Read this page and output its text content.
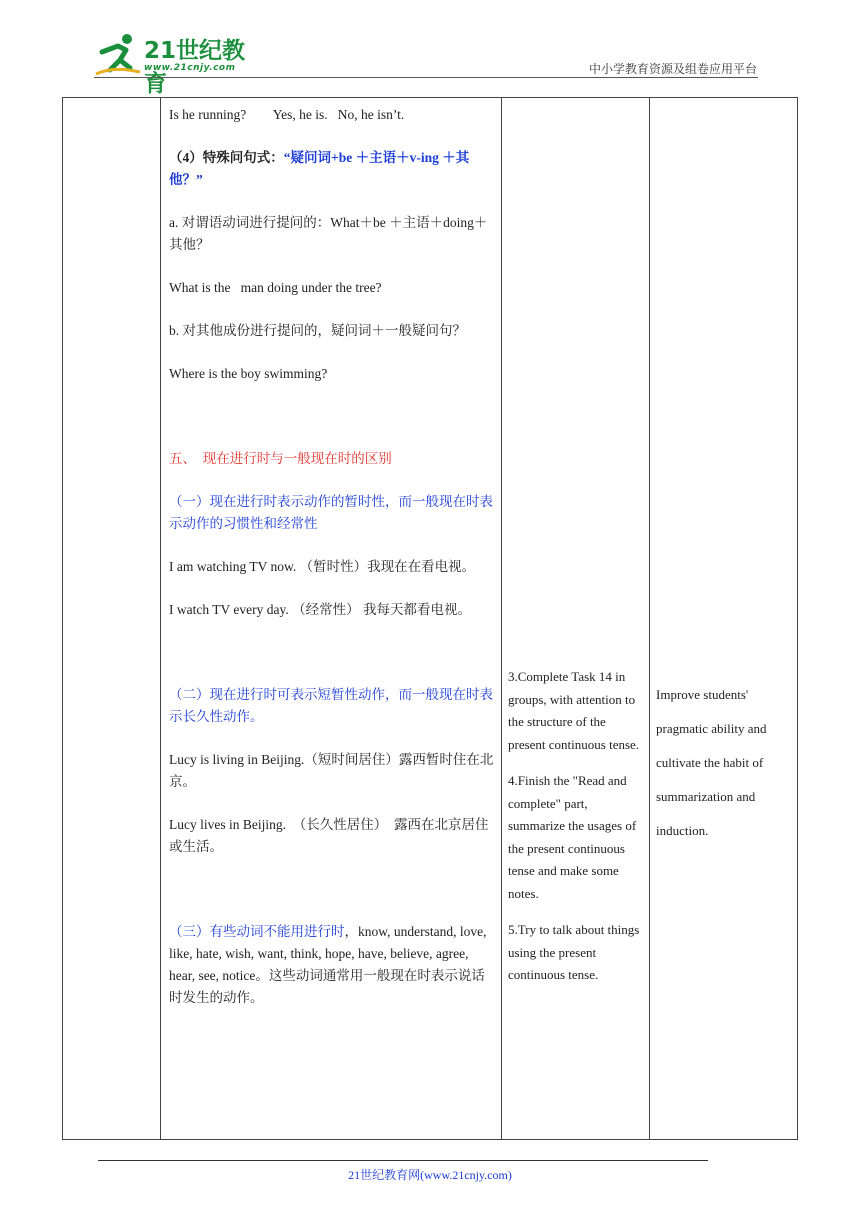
21世纪教育
www.21cnjy.com	中小学教育资源及组卷应用平台

Is he running?        Yes, he is.   No, he isn’t.

（4）特殊问句式：“疑问词+be ＋主语＋v-ing ＋其他？”

a. 对谓语动词进行提问的：What＋be ＋主语＋doing＋其他？

What is the   man doing under the tree?

b. 对其他成份进行提问的，疑问词＋一般疑问句？

Where is the boy swimming?

五、  现在进行时与一般现在时的区别

（一）现在进行时表示动作的暂时性，而一般现在时表示动作的习惯性和经常性

I am watching TV now. （暂时性）我现在在看电视。

I watch TV every day. （经常性） 我每天都看电视。

（二）现在进行时可表示短暂性动作，而一般现在时表示长久性动作。

Lucy is living in Beijing.（短时间居住）露西暂时住在北京。

Lucy lives in Beijing.  （长久性居住）  露西在北京居住或生活。

（三）有些动词不能用进行时，know, understand, love, like, hate, wish, want, think, hope, have, believe, agree, hear, see, notice。这些动词通常用一般现在时表示说话时发生的动作。

3.Complete Task 14 in groups, with attention to the structure of the present continuous tense.

4.Finish the "Read and complete" part, summarize the usages of the present continuous tense and make some notes.

5.Try to talk about things using the present continuous tense.

Improve students' pragmatic ability and cultivate the habit of summarization and induction.

21世纪教育网(www.21cnjy.com)
